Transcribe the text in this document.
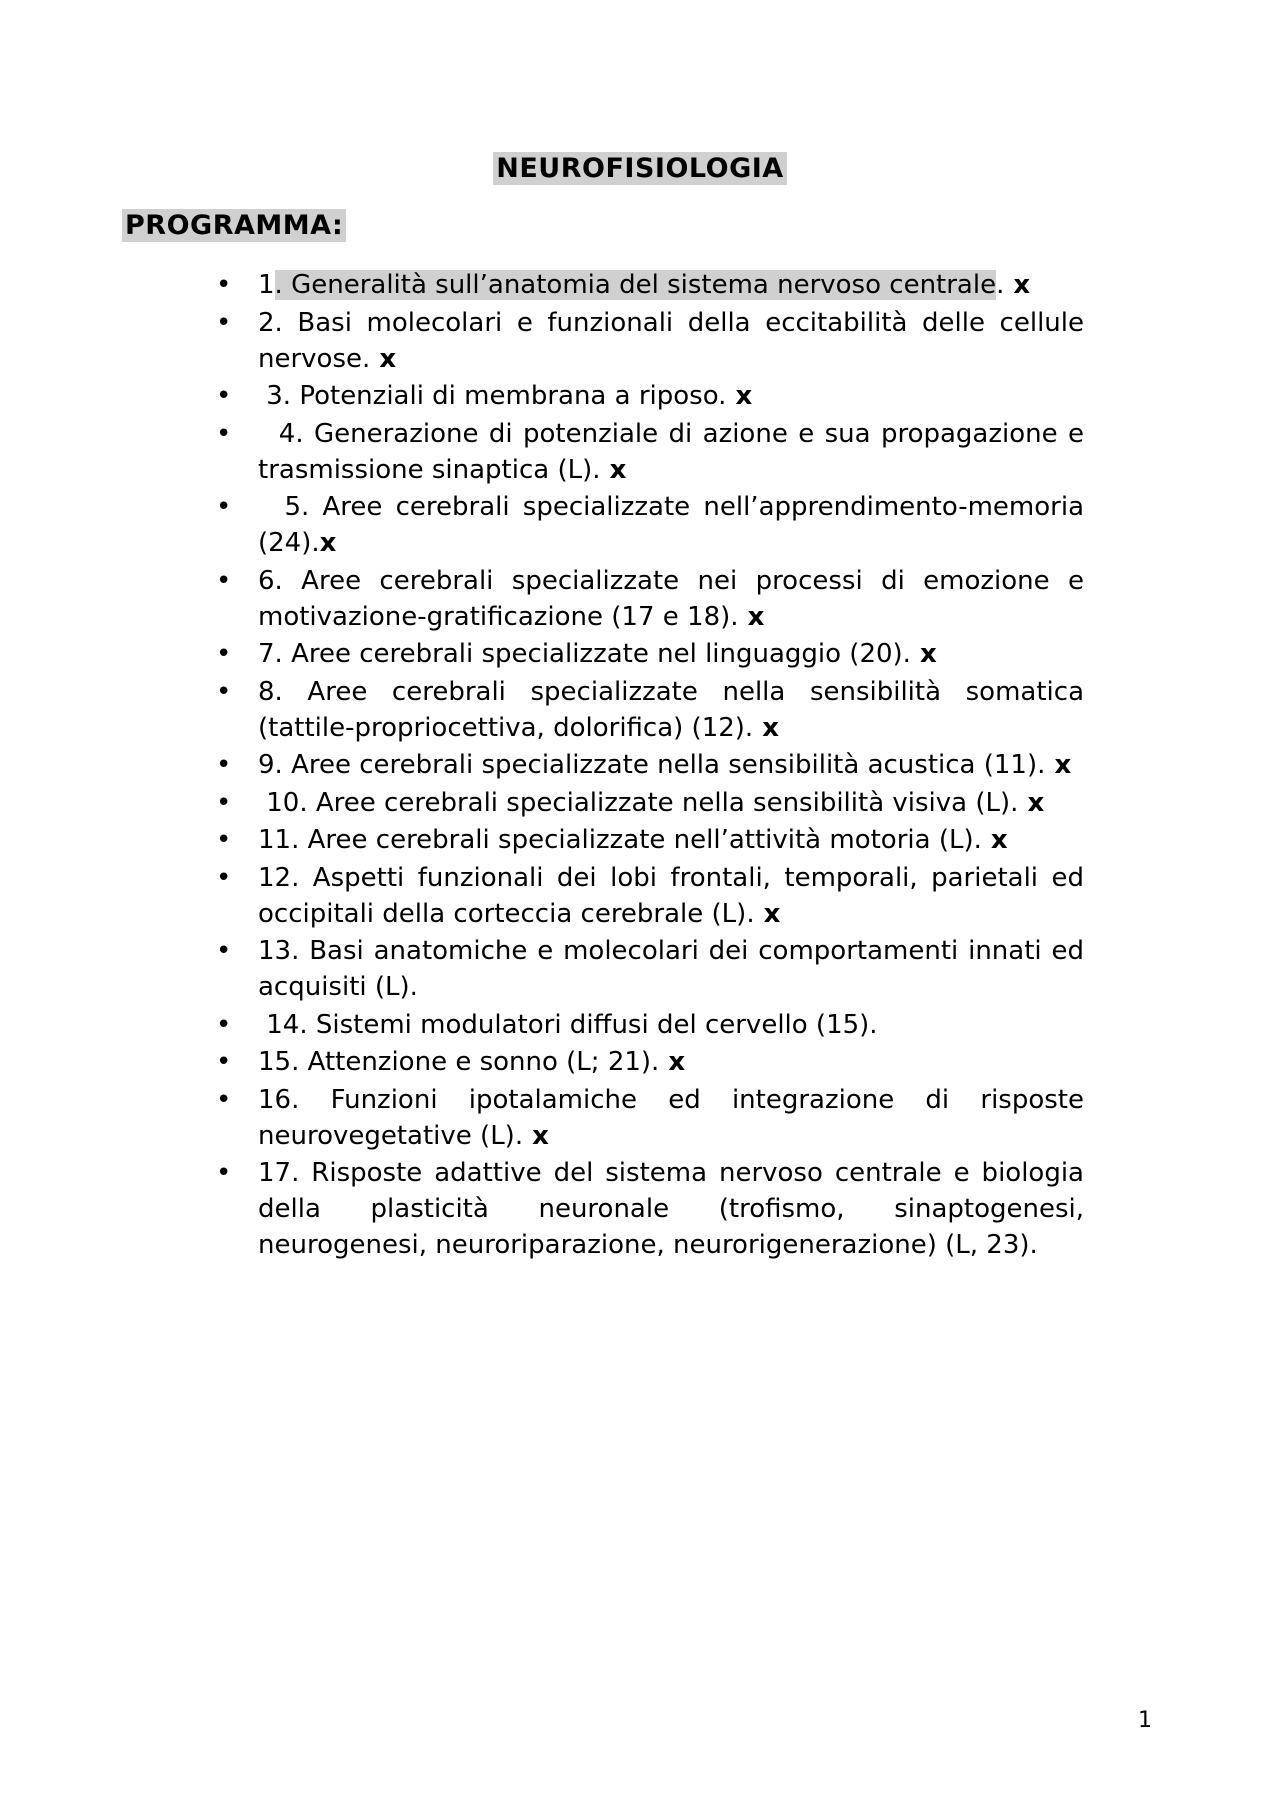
NEUROFISIOLOGIA
PROGRAMMA:
• 1. Generalità sull’anatomia del sistema nervoso centrale. x
• 2. Basi molecolari e funzionali della eccitabilità delle cellule nervose. x
•  3. Potenziali di membrana a riposo. x
•   4. Generazione di potenziale di azione e sua propagazione e trasmissione sinaptica (L). x
•   5. Aree cerebrali specializzate nell’apprendimento-memoria (24).x
• 6. Aree cerebrali specializzate nei processi di emozione e motivazione-gratificazione (17 e 18). x
• 7. Aree cerebrali specializzate nel linguaggio (20). x
• 8. Aree cerebrali specializzate nella sensibilità somatica (tattile-propriocettiva, dolorifica) (12). x
• 9. Aree cerebrali specializzate nella sensibilità acustica (11). x
•  10. Aree cerebrali specializzate nella sensibilità visiva (L). x
• 11. Aree cerebrali specializzate nell’attività motoria (L). x
• 12. Aspetti funzionali dei lobi frontali, temporali, parietali ed occipitali della corteccia cerebrale (L). x
• 13. Basi anatomiche e molecolari dei comportamenti innati ed acquisiti (L).
•  14. Sistemi modulatori diffusi del cervello (15).
• 15. Attenzione e sonno (L; 21). x
• 16. Funzioni ipotalamiche ed integrazione di risposte neurovegetative (L). x
• 17. Risposte adattive del sistema nervoso centrale e biologia della plasticità neuronale (trofismo, sinaptogenesi, neurogenesi, neuroriparazione, neurorigenerazione) (L, 23).
1
